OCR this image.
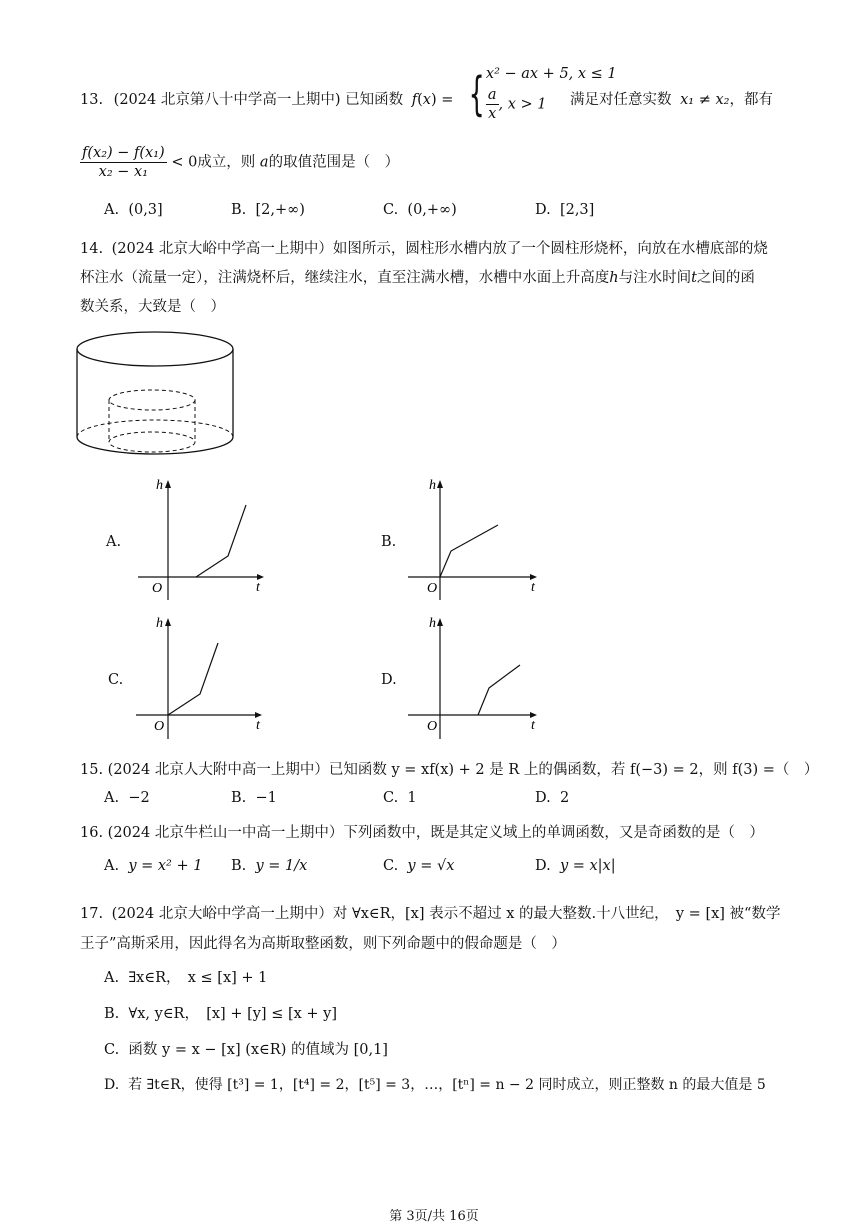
13. (2024 北京第八十中学高一上期中) 已知函数 f(x) = { x² − ax + 5, x ≤ 1
$\frac{a}{x}$ , x > 1	满足对任意实数 x₁ ≠ x₂，都有
$\frac{\text{f(x₂) − f(x₁)}}{\text{x₂ − x₁}} < 0$成立，则 a的取值范围是（　）
A. (0,3]	B. [2,+∞)	C. (0,+∞)	D. [2,3]
14. (2024 北京大峪中学高一上期中）如图所示，圆柱形水槽内放了一个圆柱形烧杯，向放在水槽底部的烧
杯注水（流量一定），注满烧杯后，继续注水，直至注满水槽，水槽中水面上升高度h与注水时间t之间的函
数关系，大致是（　）
A.
h
t
O
B.
h
t
O
C.
h
t
O
D.
h
t
O
15. (2024 北京人大附中高一上期中）已知函数 y = xf(x) + 2 是 R 上的偶函数，若 f(−3) = 2，则 f(3) =（　）
A. −2	B. −1	C. 1	D. 2
16. (2024 北京牛栏山一中高一上期中）下列函数中，既是其定义域上的单调函数，又是奇函数的是（　）
A. y = x² + 1 B. y = 1/x	C. y = √x	D. y = x|x|
17. (2024 北京大峪中学高一上期中）对 ∀x∈R，[x] 表示不超过 x 的最大整数.十八世纪，　y = [x] 被“数学
王子”高斯采用，因此得名为高斯取整函数，则下列命题中的假命题是（　）
A. ∃x∈R，　x ≤ [x] + 1
B. ∀x, y∈R，　[x] + [y] ≤ [x + y]
C. 函数 y = x − [x] (x∈R) 的值域为 [0,1]
D. 若 ∃t∈R，使得 [t³] = 1，[t⁴] = 2，[t⁵] = 3，…，[tⁿ] = n − 2 同时成立，则正整数 n 的最大值是 5
第 3页/共 16页
